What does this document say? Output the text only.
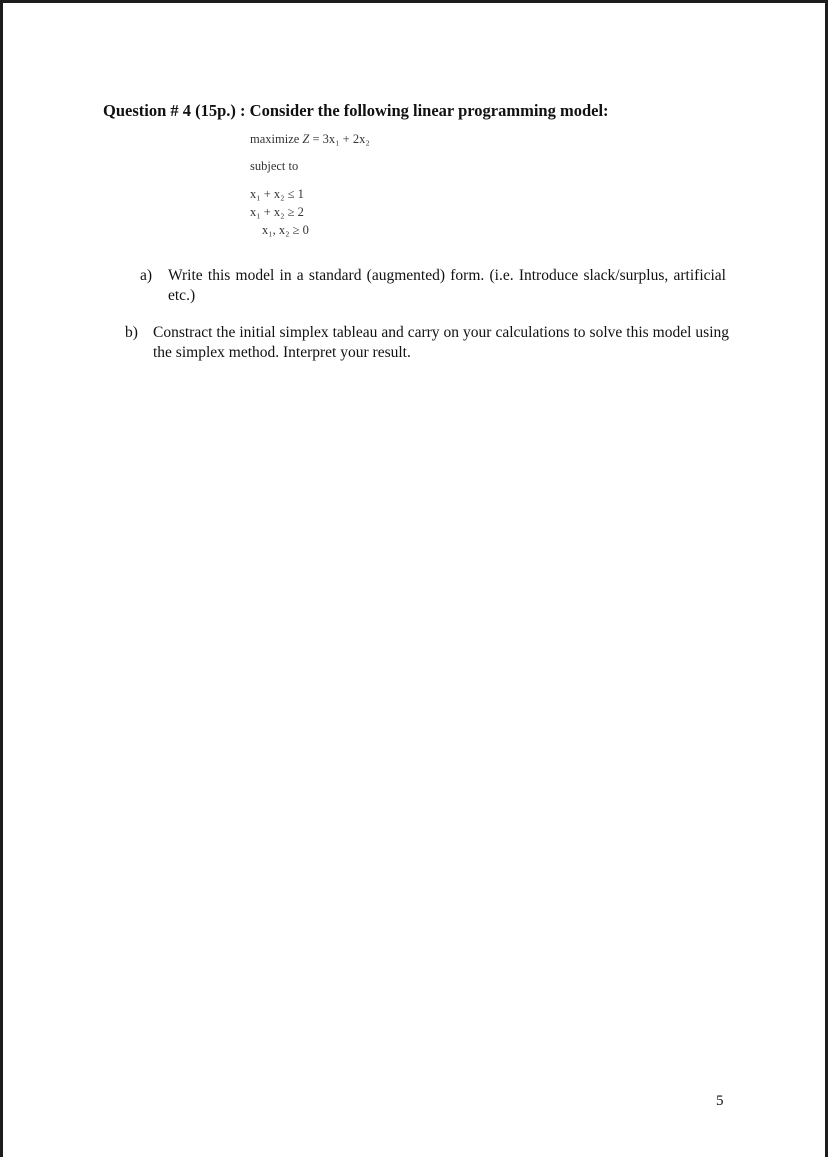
Question # 4 (15p.) : Consider the following linear programming model:
maximize Z = 3x₁ + 2x₂
subject to
x₁ + x₂ ≤ 1
x₁ + x₂ ≥ 2
x₁, x₂ ≥ 0
a) Write this model in a standard (augmented) form. (i.e. Introduce slack/surplus, artificial etc.)
b) Constract the initial simplex tableau and carry on your calculations to solve this model using the simplex method. Interpret your result.
5
